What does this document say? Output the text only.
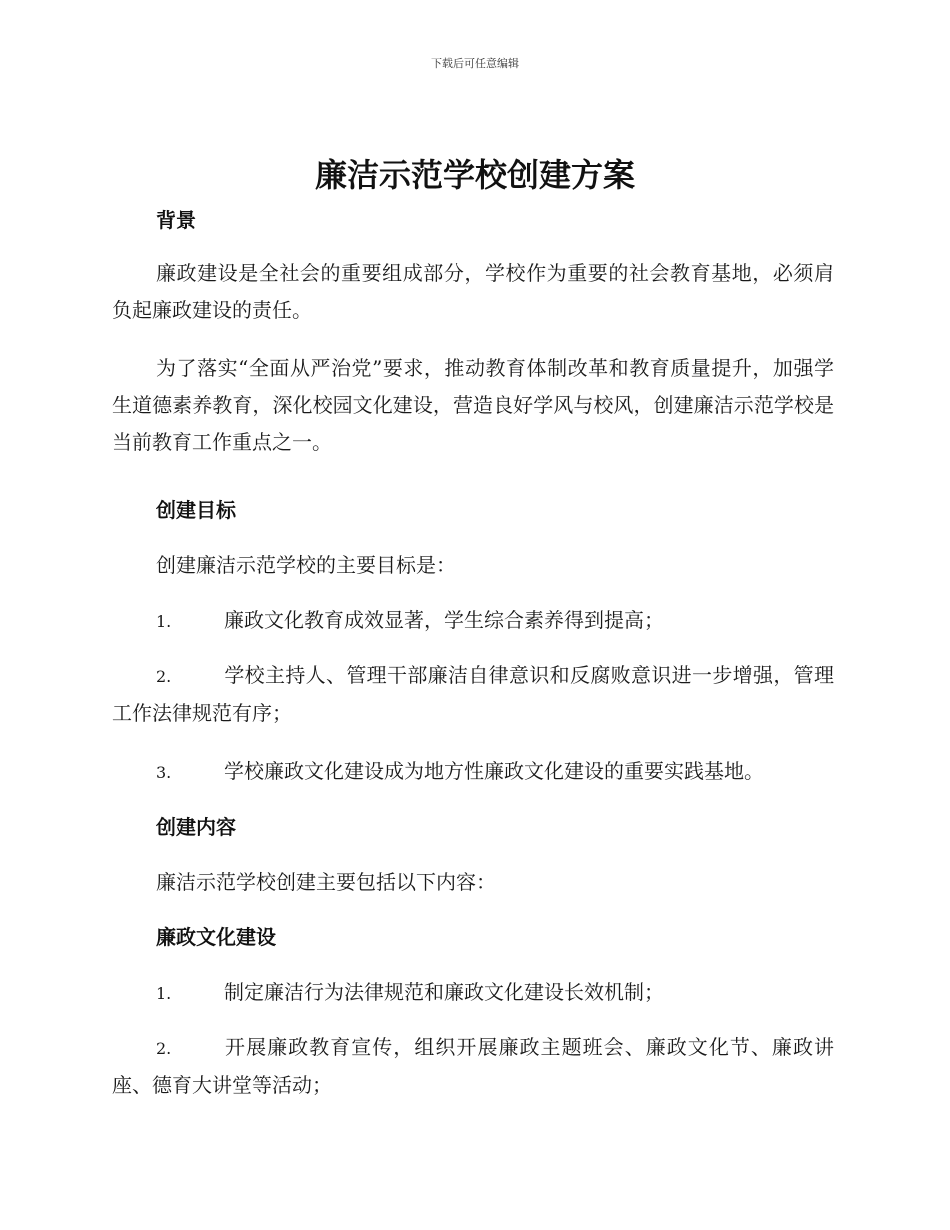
下载后可任意编辑
廉洁示范学校创建方案
背景
廉政建设是全社会的重要组成部分，学校作为重要的社会教育基地，必须肩负起廉政建设的责任。
为了落实“全面从严治党”要求，推动教育体制改革和教育质量提升，加强学生道德素养教育，深化校园文化建设，营造良好学风与校风，创建廉洁示范学校是当前教育工作重点之一。
创建目标
创建廉洁示范学校的主要目标是：
1.	廉政文化教育成效显著，学生综合素养得到提高；
2.	学校主持人、管理干部廉洁自律意识和反腐败意识进一步增强，管理工作法律规范有序；
3.	学校廉政文化建设成为地方性廉政文化建设的重要实践基地。
创建内容
廉洁示范学校创建主要包括以下内容：
廉政文化建设
1.	制定廉洁行为法律规范和廉政文化建设长效机制；
2.	开展廉政教育宣传，组织开展廉政主题班会、廉政文化节、廉政讲座、德育大讲堂等活动；
